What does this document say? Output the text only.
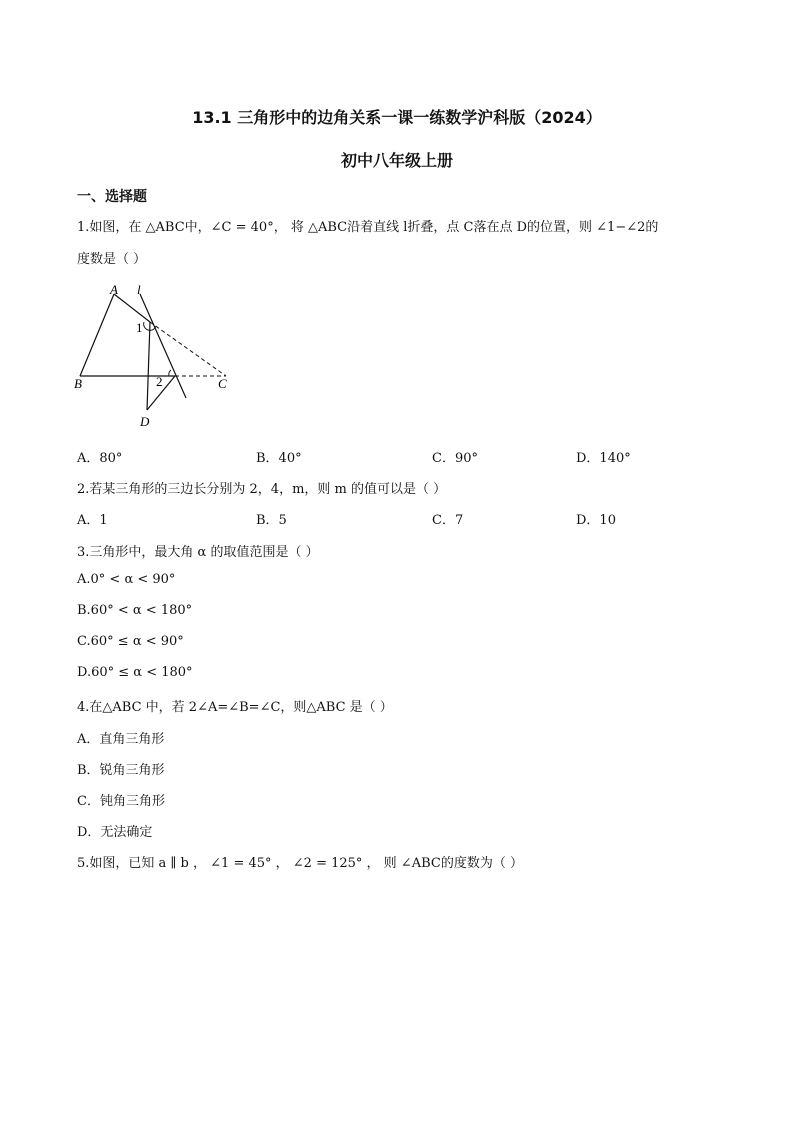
13.1 三角形中的边角关系一课一练数学沪科版（2024）
初中八年级上册
一、选择题
1.如图，在 △ABC中，∠C = 40°， 将 △ABC沿着直线 l折叠，点 C落在点 D的位置，则 ∠1−∠2的
度数是（ ）
A l
1
B	2	C
D
A．80°	B．40°	C．90°	D．140°
2.若某三角形的三边长分别为 2，4，m，则 m 的值可以是（ ）
A．1	B．5	C．7	D．10
3.三角形中，最大角 α 的取值范围是（ ）
A.0° < α < 90°
B.60° < α < 180°
C.60° ≤ α < 90°
D.60° ≤ α < 180°
4.在△ABC 中，若 2∠A=∠B=∠C，则△ABC 是（ ）
A．直角三角形
B．锐角三角形
C．钝角三角形
D．无法确定
5.如图，已知 a ∥ b ， ∠1 = 45° ， ∠2 = 125° ， 则 ∠ABC的度数为（ ）
